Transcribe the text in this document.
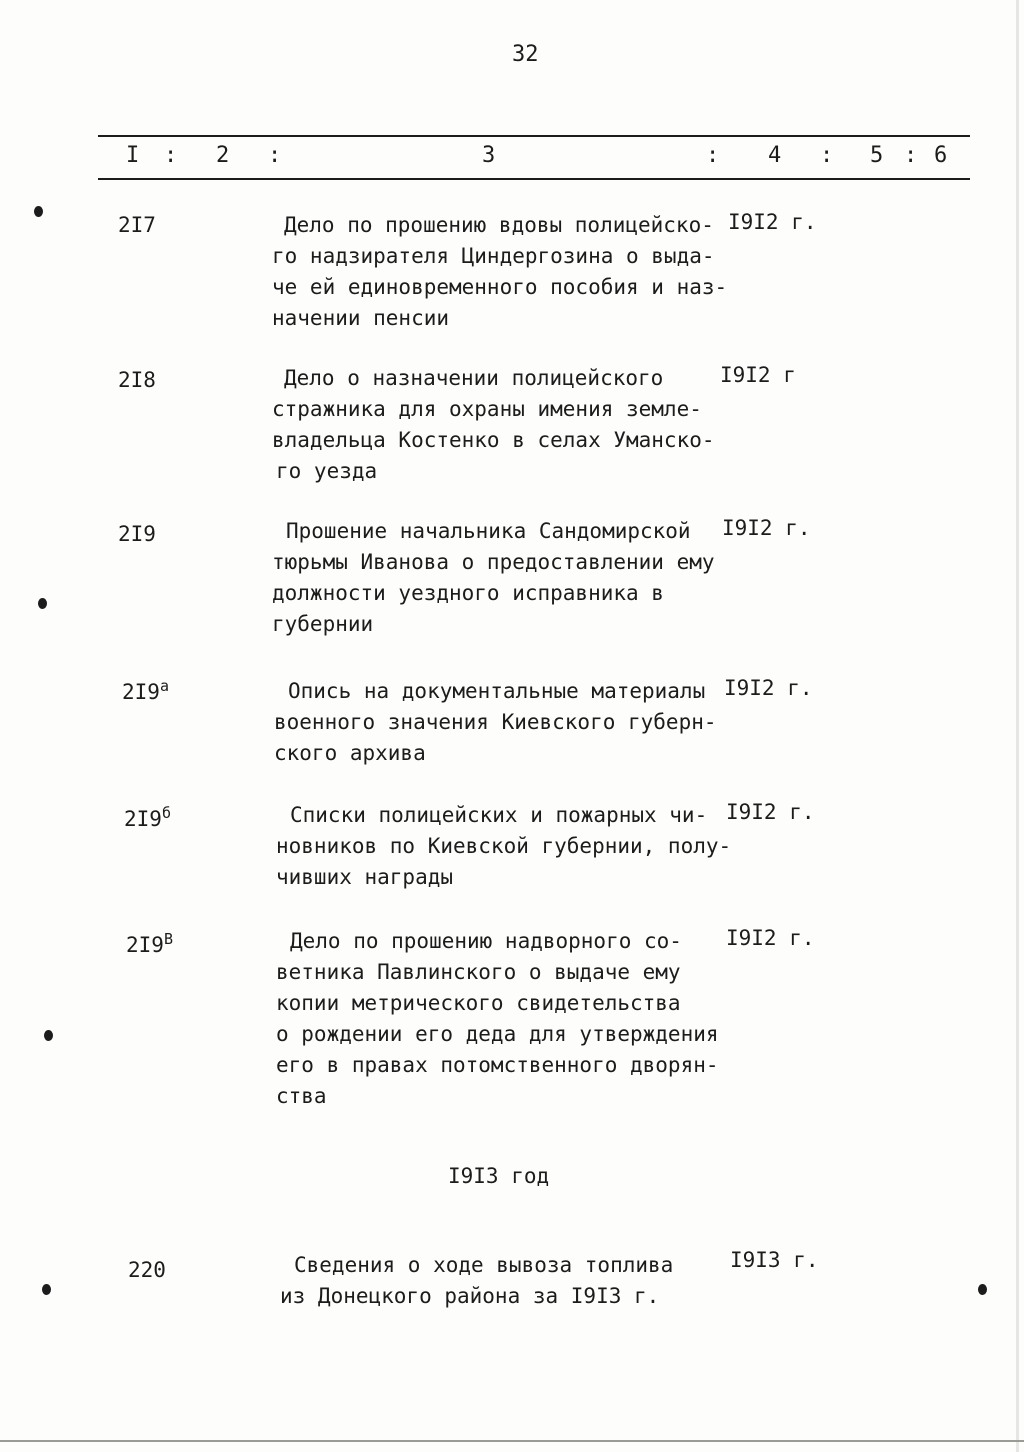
32
I : 2 :	3	: 4 : 5 : 6
2I7	Дело по прошению вдовы полицейско-
го надзирателя Циндергозина о выда-
че ей единовременного пособия и наз-
начении пенсии
I9I2 г.
2I8	Дело о назначении полицейского
стражника для охраны имения земле-
владельца Костенко в селах Уманско-
го уезда
I9I2 г
2I9	Прошение начальника Сандомирской
тюрьмы Иванова о предоставлении ему
должности уездного исправника в
губернии
I9I2 г.
$2I9^а$	Опись на документальные материалы
военного значения Киевского губерн-
ского архива
I9I2 г.
$2I9^б$	Списки полицейских и пожарных чи-
новников по Киевской губернии, полу-
чивших награды
I9I2 г.
$2I9^В$	Дело по прошению надворного со-
ветника Павлинского о выдаче ему
копии метрического свидетельства
о рождении его деда для утверждения
его в правах потомственного дворян-
ства
I9I2 г.
I9I3 год
220	Сведения о ходе вывоза топлива
из Донецкого района за I9I3 г.
I9I3 г.
